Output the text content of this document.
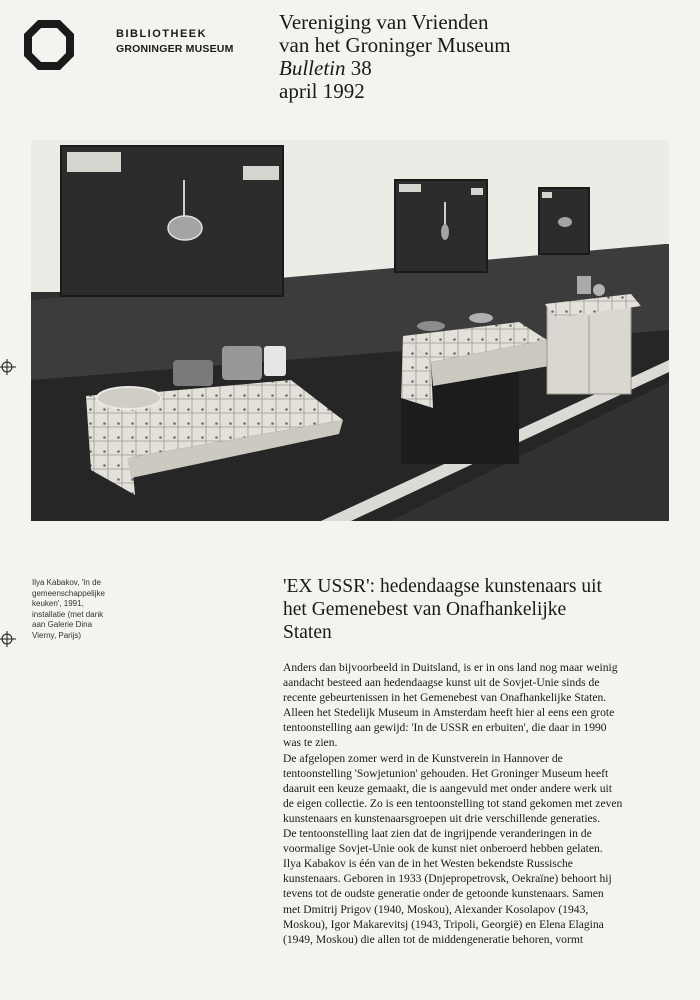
BIBLIOTHEEK
GRONINGER MUSEUM
Vereniging van Vrienden
van het Groninger Museum
Bulletin 38
april 1992
Ilya Kabakov, 'In de
gemeenschappelijke
keuken', 1991,
installatie (met dank
aan Galerie Dina
Vierny, Parijs)
'EX USSR': hedendaagse kunstenaars uit
het Gemenebest van Onafhankelijke
Staten
Anders dan bijvoorbeeld in Duitsland, is er in ons land nog maar weinig
aandacht besteed aan hedendaagse kunst uit de Sovjet-Unie sinds de
recente gebeurtenissen in het Gemenebest van Onafhankelijke Staten.
Alleen het Stedelijk Museum in Amsterdam heeft hier al eens een grote
tentoonstelling aan gewijd: 'In de USSR en erbuiten', die daar in 1990
was te zien.
De afgelopen zomer werd in de Kunstverein in Hannover de
tentoonstelling 'Sowjetunion' gehouden. Het Groninger Museum heeft
daaruit een keuze gemaakt, die is aangevuld met onder andere werk uit
de eigen collectie. Zo is een tentoonstelling tot stand gekomen met zeven
kunstenaars en kunstenaarsgroepen uit drie verschillende generaties.
De tentoonstelling laat zien dat de ingrijpende veranderingen in de
voormalige Sovjet-Unie ook de kunst niet onberoerd hebben gelaten.
Ilya Kabakov is één van de in het Westen bekendste Russische
kunstenaars. Geboren in 1933 (Dnjepropetrovsk, Oekraïne) behoort hij
tevens tot de oudste generatie onder de getoonde kunstenaars. Samen
met Dmitrij Prigov (1940, Moskou), Alexander Kosolapov (1943,
Moskou), Igor Makarevitsj (1943, Tripoli, Georgië) en Elena Elagina
(1949, Moskou) die allen tot de middengeneratie behoren, vormt
